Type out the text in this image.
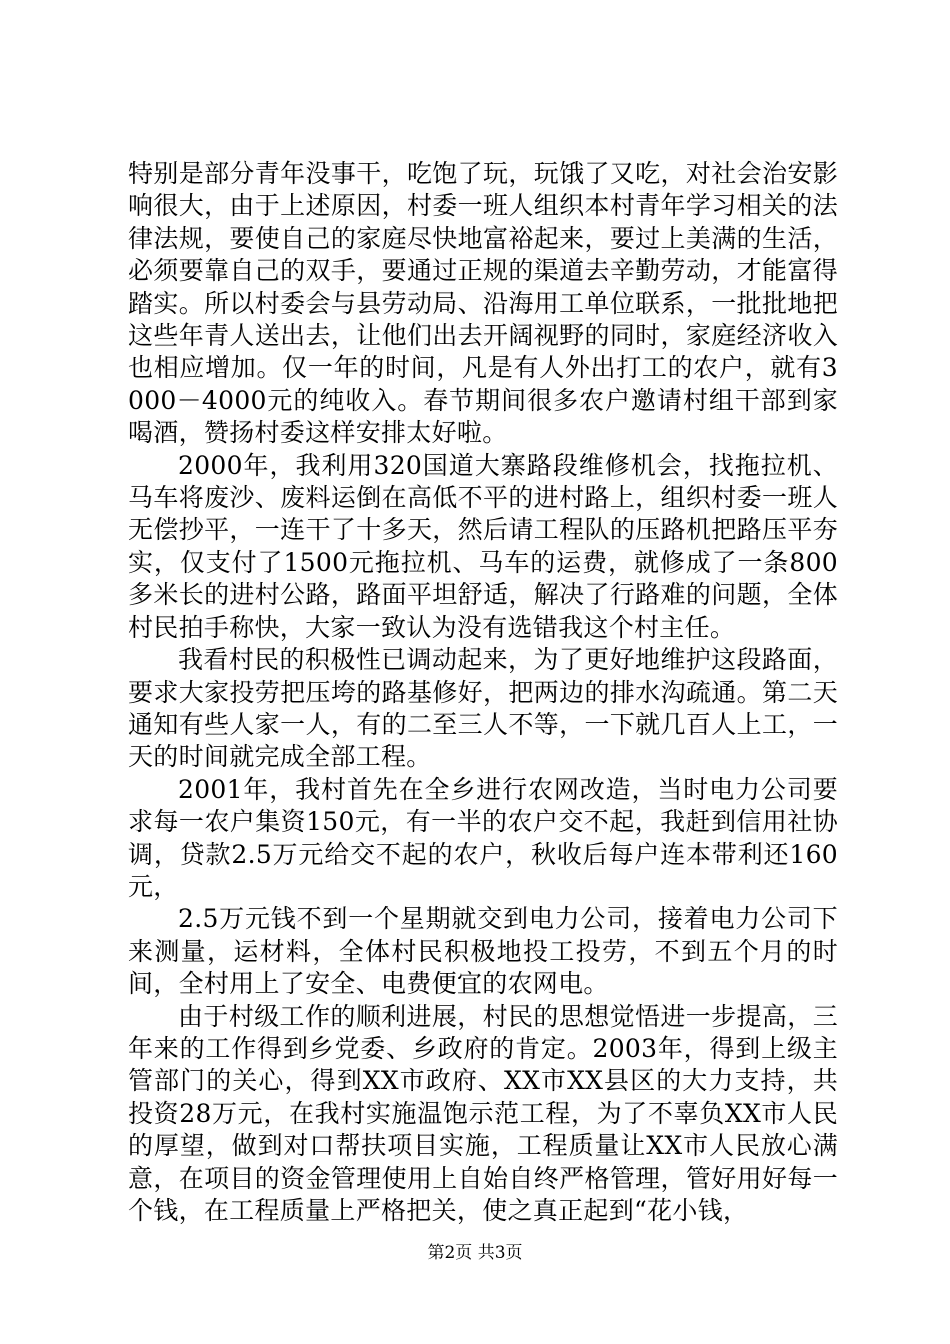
特别是部分青年没事干，吃饱了玩，玩饿了又吃，对社会治安影响很大，由于上述原因，村委一班人组织本村青年学习相关的法律法规，要使自己的家庭尽快地富裕起来，要过上美满的生活，必须要靠自己的双手，要通过正规的渠道去辛勤劳动，才能富得踏实。所以村委会与县劳动局、沿海用工单位联系，一批批地把这些年青人送出去，让他们出去开阔视野的同时，家庭经济收入也相应增加。仅一年的时间，凡是有人外出打工的农户，就有3000－4000元的纯收入。春节期间很多农户邀请村组干部到家喝酒，赞扬村委这样安排太好啦。

2000年，我利用320国道大寨路段维修机会，找拖拉机、马车将废沙、废料运倒在高低不平的进村路上，组织村委一班人无偿抄平，一连干了十多天，然后请工程队的压路机把路压平夯实，仅支付了1500元拖拉机、马车的运费，就修成了一条800多米长的进村公路，路面平坦舒适，解决了行路难的问题，全体村民拍手称快，大家一致认为没有选错我这个村主任。

我看村民的积极性已调动起来，为了更好地维护这段路面，要求大家投劳把压垮的路基修好，把两边的排水沟疏通。第二天通知有些人家一人，有的二至三人不等，一下就几百人上工，一天的时间就完成全部工程。

2001年，我村首先在全乡进行农网改造，当时电力公司要求每一农户集资150元，有一半的农户交不起，我赶到信用社协调，贷款2.5万元给交不起的农户，秋收后每户连本带利还160元，

2.5万元钱不到一个星期就交到电力公司，接着电力公司下来测量，运材料，全体村民积极地投工投劳，不到五个月的时间，全村用上了安全、电费便宜的农网电。

由于村级工作的顺利进展，村民的思想觉悟进一步提高，三年来的工作得到乡党委、乡政府的肯定。2003年，得到上级主管部门的关心，得到XX市政府、XX市XX县区的大力支持，共投资28万元，在我村实施温饱示范工程，为了不辜负XX市人民的厚望，做到对口帮扶项目实施，工程质量让XX市人民放心满意，在项目的资金管理使用上自始自终严格管理，管好用好每一个钱，在工程质量上严格把关，使之真正起到“花小钱，

第2页 共3页
